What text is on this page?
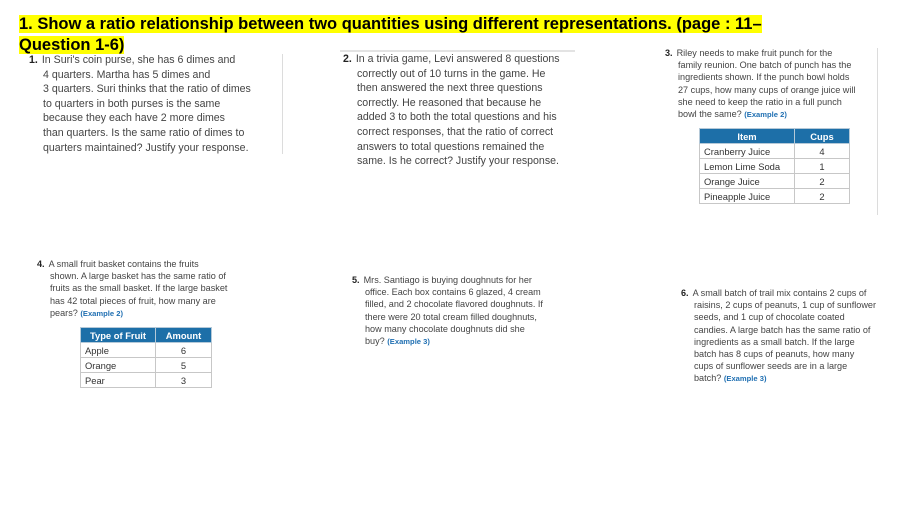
1. Show a ratio relationship between two quantities using different representations. (page : 11–
Question 1-6)
1. In Suri's coin purse, she has 6 dimes and
4 quarters. Martha has 5 dimes and
3 quarters. Suri thinks that the ratio of dimes
to quarters in both purses is the same
because they each have 2 more dimes
than quarters. Is the same ratio of dimes to
quarters maintained? Justify your response.
2. In a trivia game, Levi answered 8 questions
correctly out of 10 turns in the game. He
then answered the next three questions
correctly. He reasoned that because he
added 3 to both the total questions and his
correct responses, that the ratio of correct
answers to total questions remained the
same. Is he correct? Justify your response.
3. Riley needs to make fruit punch for the
family reunion. One batch of punch has the
ingredients shown. If the punch bowl holds
27 cups, how many cups of orange juice will
she need to keep the ratio in a full punch
bowl the same? (Example 2)
Item	Cups
Cranberry Juice	4
Lemon Lime Soda	1
Orange Juice	2
Pineapple Juice	2
4. A small fruit basket contains the fruits
shown. A large basket has the same ratio of
fruits as the small basket. If the large basket
has 42 total pieces of fruit, how many are
pears? (Example 2)
Type of Fruit	Amount
Apple	6
Orange	5
Pear	3
5. Mrs. Santiago is buying doughnuts for her
office. Each box contains 6 glazed, 4 cream
filled, and 2 chocolate flavored doughnuts. If
there were 20 total cream filled doughnuts,
how many chocolate doughnuts did she
buy? (Example 3)
6. A small batch of trail mix contains 2 cups of
raisins, 2 cups of peanuts, 1 cup of sunflower
seeds, and 1 cup of chocolate coated
candies. A large batch has the same ratio of
ingredients as a small batch. If the large
batch has 8 cups of peanuts, how many
cups of sunflower seeds are in a large
batch? (Example 3)
